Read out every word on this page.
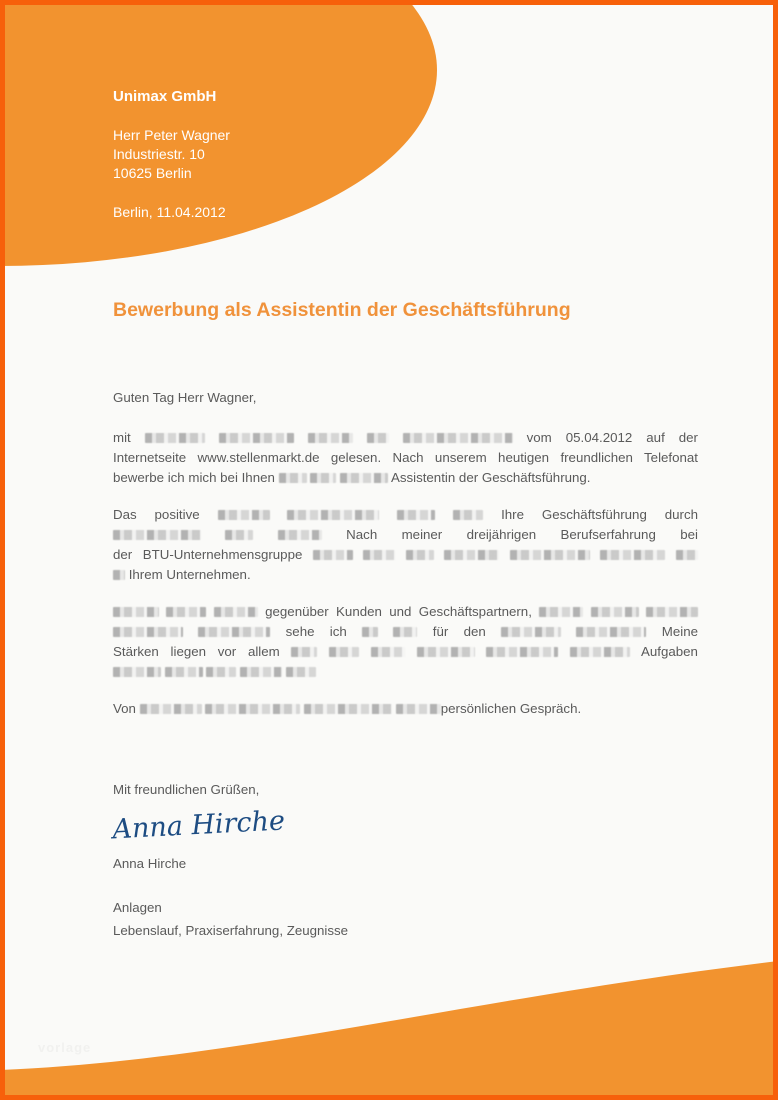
Unimax GmbH

Herr Peter Wagner

Industriestr. 10

10625 Berlin

Berlin, 11.04.2012

Bewerbung als Assistentin der Geschäftsführung
Guten Tag Herr Wagner,
mit	vom 05.04.2012 auf der
Internetseite www.stellenmarkt.de gelesen. Nach unserem heutigen freundlichen Telefonat
bewerbe ich mich bei Ihnen	Assistentin der Geschäftsführung.
Das positive	Ihre Geschäftsführung durch
Nach meiner dreijährigen Berufserfahrung bei
der BTU-Unternehmensgruppe
Ihrem Unternehmen.
gegenüber Kunden und Geschäftspartnern,
sehe ich	für den	Meine
Stärken liegen vor allem	Aufgaben

Von	persönlichen Gespräch.
Mit freundlichen Grüßen,
Anna Hirche
Anna Hirche
Anlagen
Lebenslauf, Praxiserfahrung, Zeugnisse
vorlage
